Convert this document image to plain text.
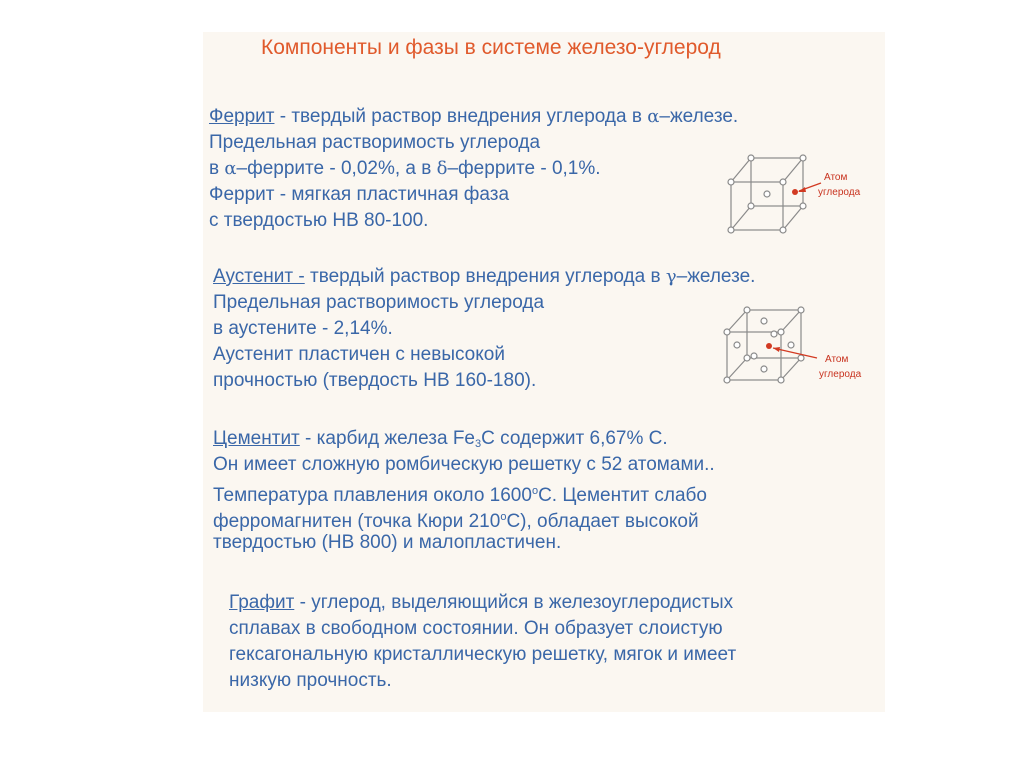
Компоненты и фазы в системе железо-углерод
Феррит - твердый раствор внедрения углерода в α–железе.
Предельная растворимость углерода
в α–феррите - 0,02%, а в δ–феррите - 0,1%.
Феррит - мягкая пластичная фаза
с твердостью НВ 80-100.
Атом
углерода
Аустенит - твердый раствор внедрения углерода в γ–железе.
Предельная растворимость углерода
в аустените - 2,14%.
Аустенит пластичен с невысокой
прочностью (твердость НВ 160-180).
Атом
углерода
Цементит - карбид железа $Fe_3C$ содержит 6,67% С.
Он имеет сложную ромбическую решетку с 52 атомами..
Температура плавления около $1600^оС$. Цементит слабо
ферромагнитен (точка Кюри $210^оС$), обладает высокой
твердостью (НВ 800) и малопластичен.
Графит - углерод, выделяющийся в железоуглеродистых
сплавах в свободном состоянии. Он образует слоистую
гексагональную кристаллическую решетку, мягок и имеет
низкую прочность.
